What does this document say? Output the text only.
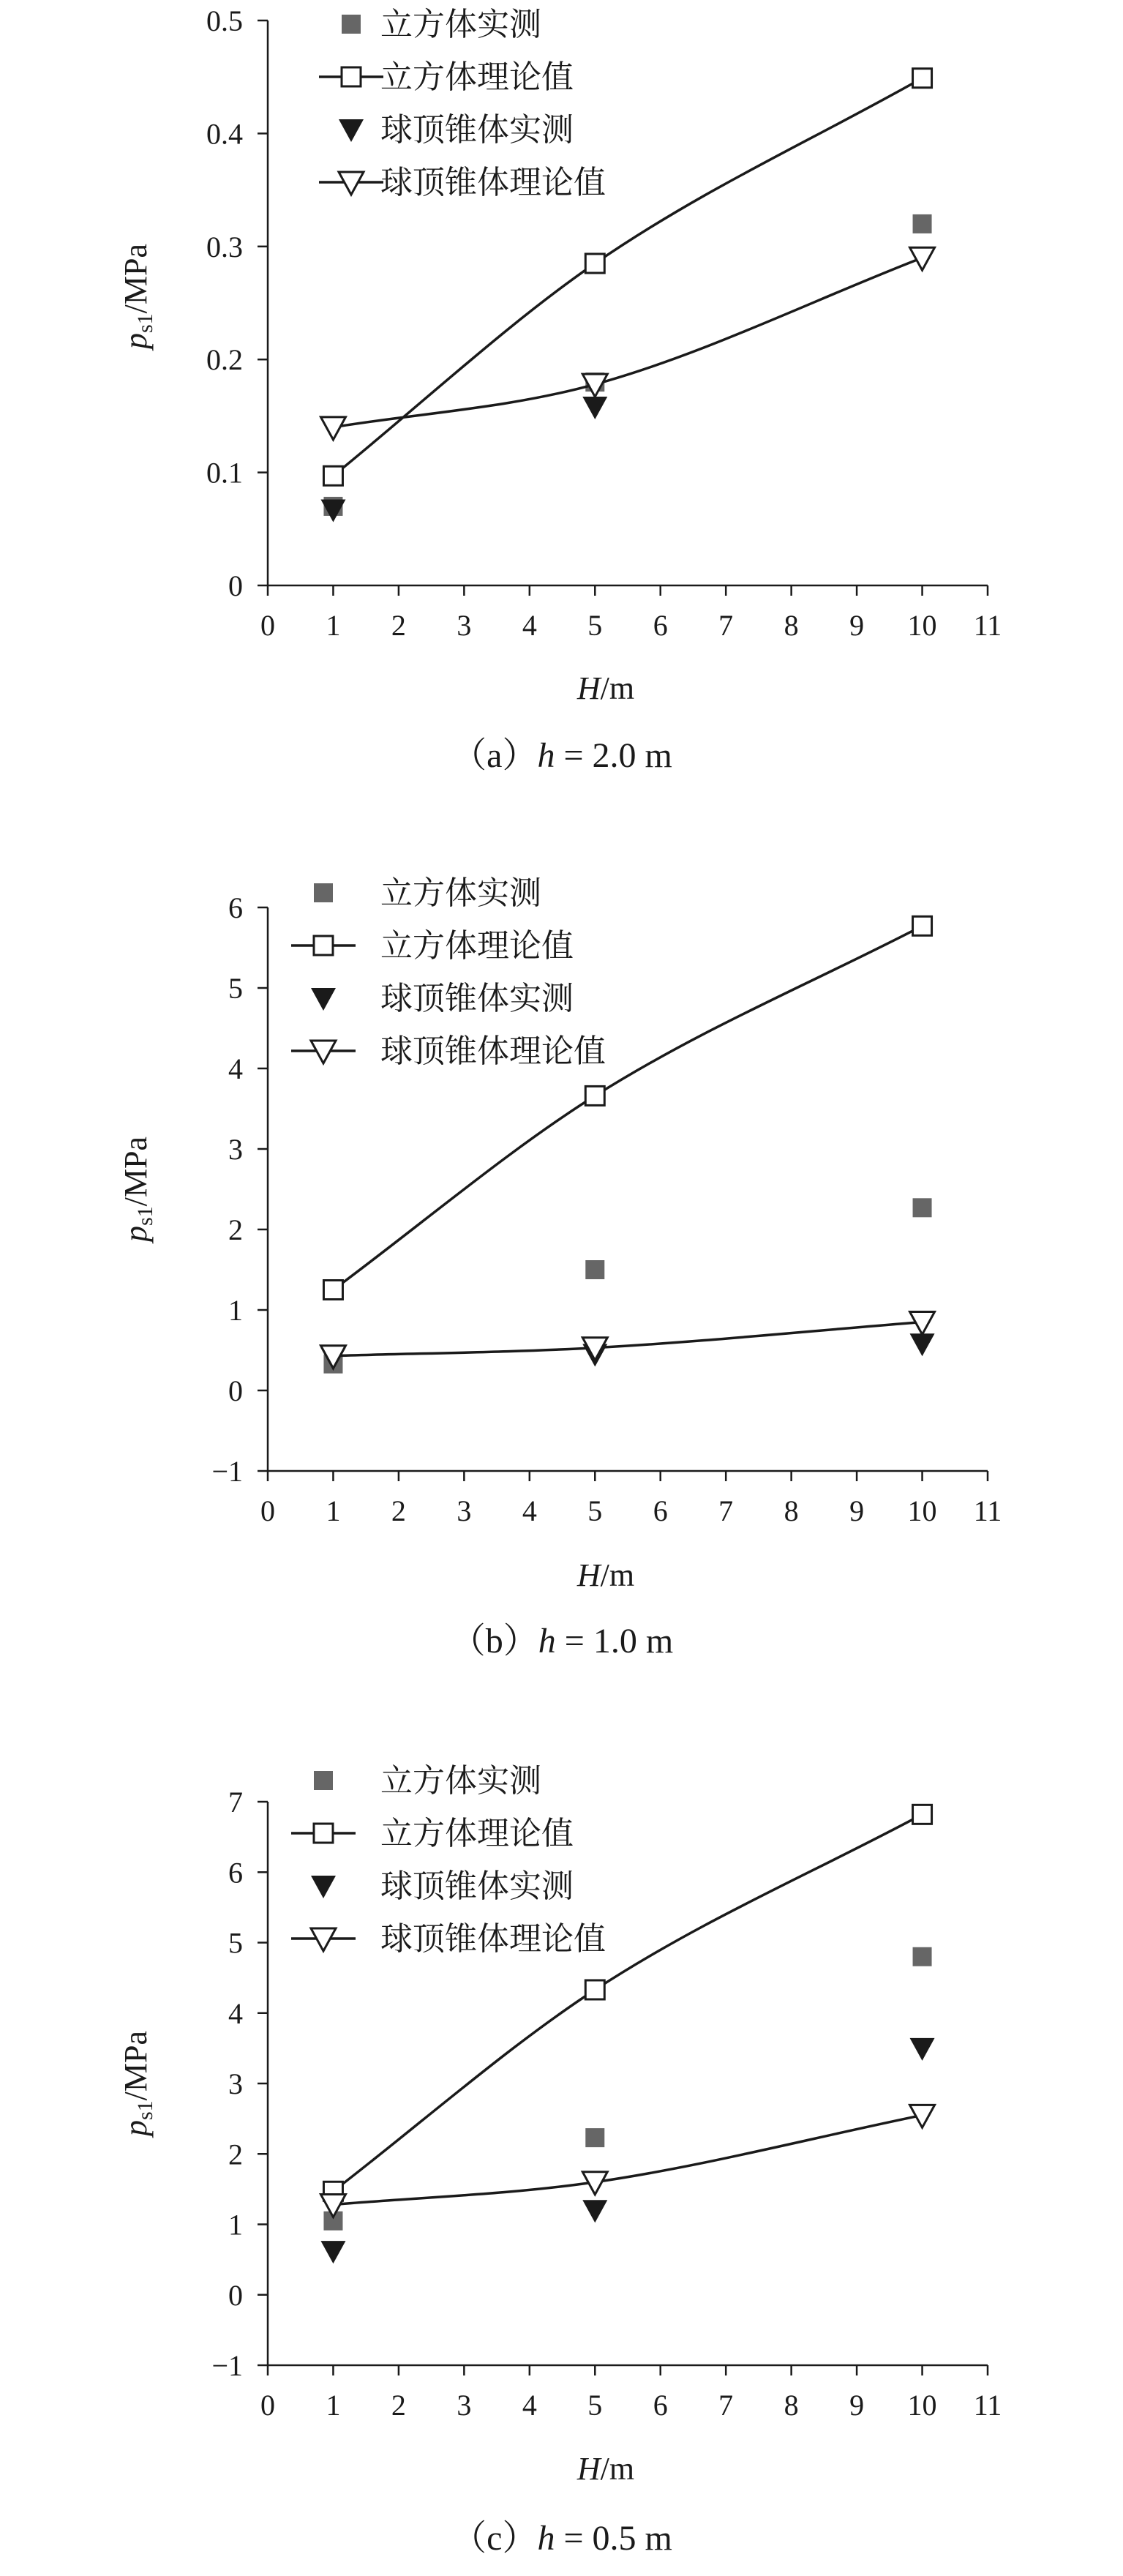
0 1 2 3 4 5 6 7 8 9 10 11
0
0.1
0.2
0.3
0.4
0.5
H/m
ps1/MPa
立方体实测
立方体理论值
球顶锥体实测
球顶锥体理论值
（a）h = 2.0 m
0 1 2 3 4 5 6 7 8 9 10 11
−1
0
1
2
3
4
5
6
H/m
ps1/MPa
立方体实测
立方体理论值
球顶锥体实测
球顶锥体理论值
（b）h = 1.0 m
0 1 2 3 4 5 6 7 8 9 10 11
−1
0
1
2
3
4
5
6
7
H/m
ps1/MPa
立方体实测
立方体理论值
球顶锥体实测
球顶锥体理论值
（c）h = 0.5 m
